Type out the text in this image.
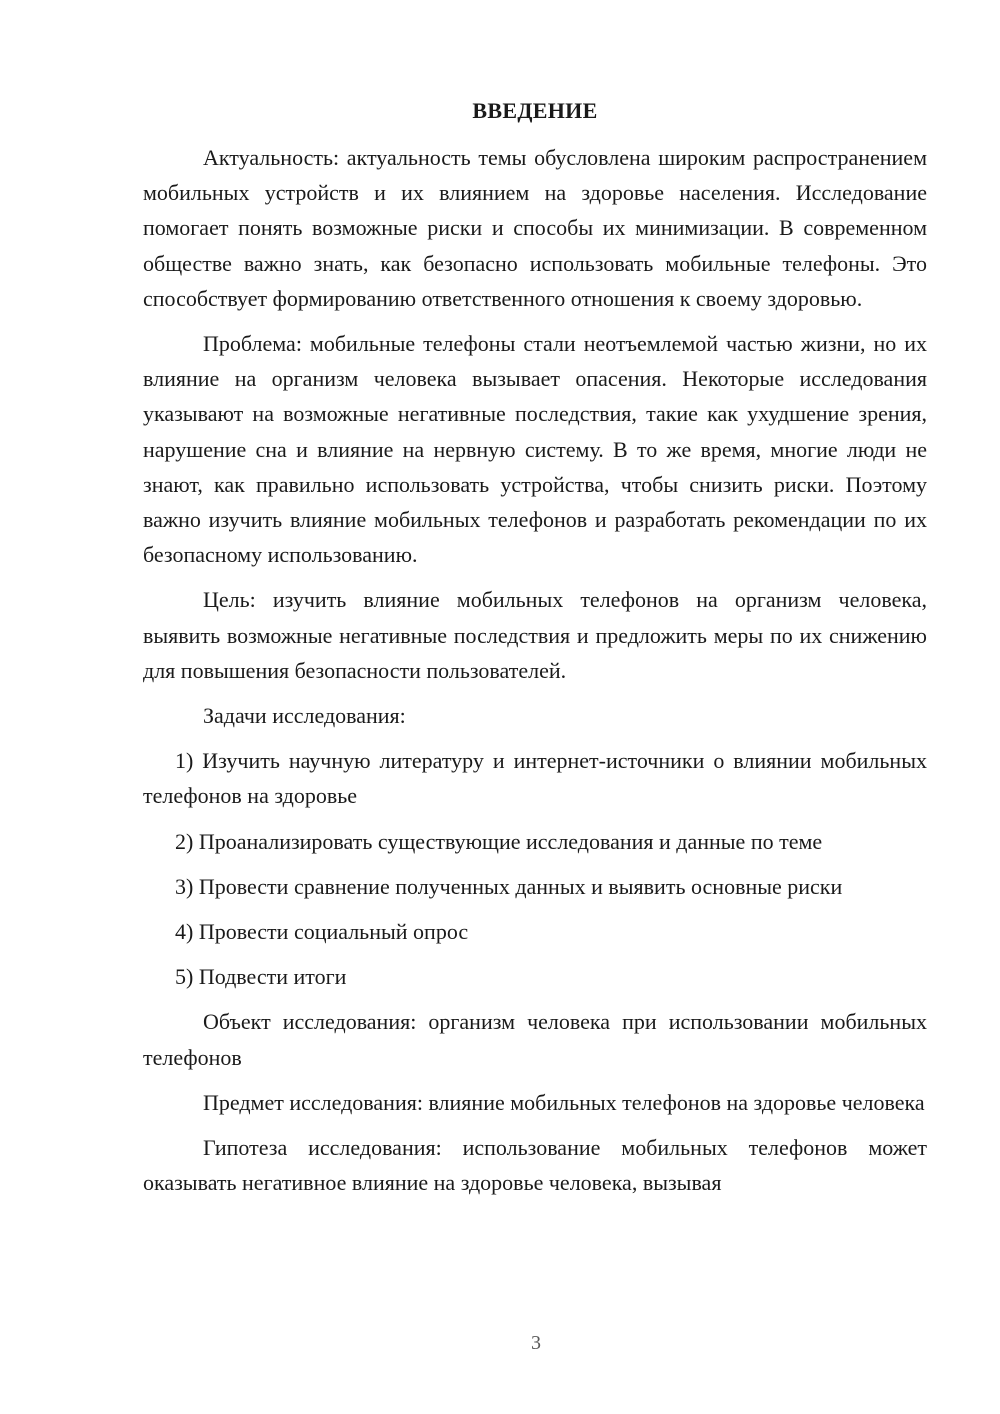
ВВЕДЕНИЕ

Актуальность: актуальность темы обусловлена широким распространением мобильных устройств и их влиянием на здоровье населения. Исследование помогает понять возможные риски и способы их минимизации. В современном обществе важно знать, как безопасно использовать мобильные телефоны. Это способствует формированию ответственного отношения к своему здоровью.

Проблема: мобильные телефоны стали неотъемлемой частью жизни, но их влияние на организм человека вызывает опасения. Некоторые исследования указывают на возможные негативные последствия, такие как ухудшение зрения, нарушение сна и влияние на нервную систему. В то же время, многие люди не знают, как правильно использовать устройства, чтобы снизить риски. Поэтому важно изучить влияние мобильных телефонов и разработать рекомендации по их безопасному использованию.

Цель: изучить влияние мобильных телефонов на организм человека, выявить возможные негативные последствия и предложить меры по их снижению для повышения безопасности пользователей.

Задачи исследования:

1) Изучить научную литературу и интернет-источники о влиянии мобильных телефонов на здоровье

2) Проанализировать существующие исследования и данные по теме

3) Провести сравнение полученных данных и выявить основные риски

4) Провести социальный опрос

5) Подвести итоги

Объект исследования: организм человека при использовании мобильных телефонов

Предмет исследования: влияние мобильных телефонов на здоровье человека

Гипотеза исследования: использование мобильных телефонов может оказывать негативное влияние на здоровье человека, вызывая

3
